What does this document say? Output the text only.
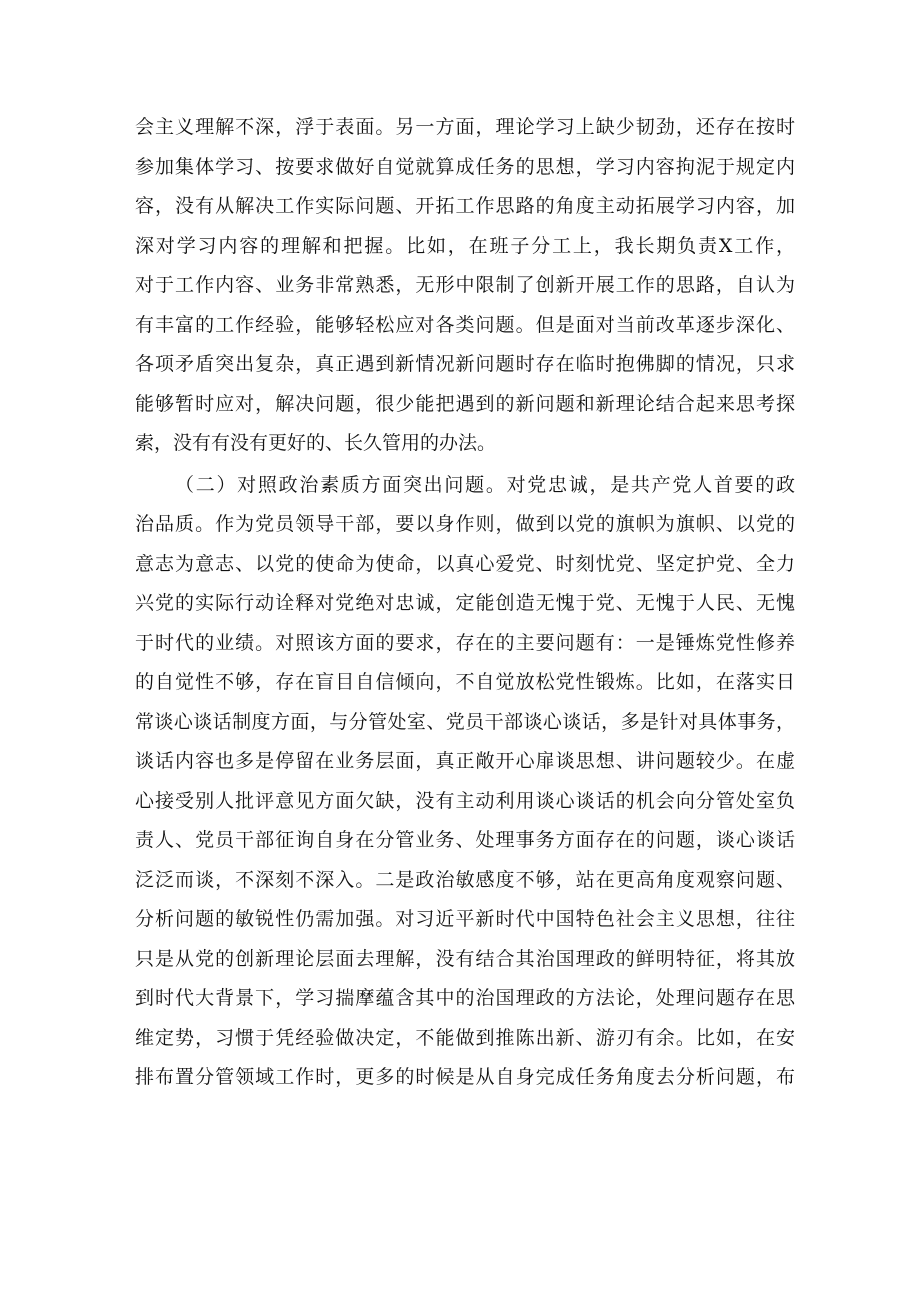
会主义理解不深，浮于表面。另一方面，理论学习上缺少韧劲，还存在按时
参加集体学习、按要求做好自觉就算成任务的思想，学习内容拘泥于规定内
容，没有从解决工作实际问题、开拓工作思路的角度主动拓展学习内容，加
深对学习内容的理解和把握。比如，在班子分工上，我长期负责X工作，
对于工作内容、业务非常熟悉，无形中限制了创新开展工作的思路，自认为
有丰富的工作经验，能够轻松应对各类问题。但是面对当前改革逐步深化、
各项矛盾突出复杂，真正遇到新情况新问题时存在临时抱佛脚的情况，只求
能够暂时应对，解决问题，很少能把遇到的新问题和新理论结合起来思考探
索，没有有没有更好的、长久管用的办法。
（二）对照政治素质方面突出问题。对党忠诚，是共产党人首要的政
治品质。作为党员领导干部，要以身作则，做到以党的旗帜为旗帜、以党的
意志为意志、以党的使命为使命，以真心爱党、时刻忧党、坚定护党、全力
兴党的实际行动诠释对党绝对忠诚，定能创造无愧于党、无愧于人民、无愧
于时代的业绩。对照该方面的要求，存在的主要问题有：一是锤炼党性修养
的自觉性不够，存在盲目自信倾向，不自觉放松党性锻炼。比如，在落实日
常谈心谈话制度方面，与分管处室、党员干部谈心谈话，多是针对具体事务，
谈话内容也多是停留在业务层面，真正敞开心扉谈思想、讲问题较少。在虚
心接受别人批评意见方面欠缺，没有主动利用谈心谈话的机会向分管处室负
责人、党员干部征询自身在分管业务、处理事务方面存在的问题，谈心谈话
泛泛而谈，不深刻不深入。二是政治敏感度不够，站在更高角度观察问题、
分析问题的敏锐性仍需加强。对习近平新时代中国特色社会主义思想，往往
只是从党的创新理论层面去理解，没有结合其治国理政的鲜明特征，将其放
到时代大背景下，学习揣摩蕴含其中的治国理政的方法论，处理问题存在思
维定势，习惯于凭经验做决定，不能做到推陈出新、游刃有余。比如，在安
排布置分管领域工作时，更多的时候是从自身完成任务角度去分析问题，布
